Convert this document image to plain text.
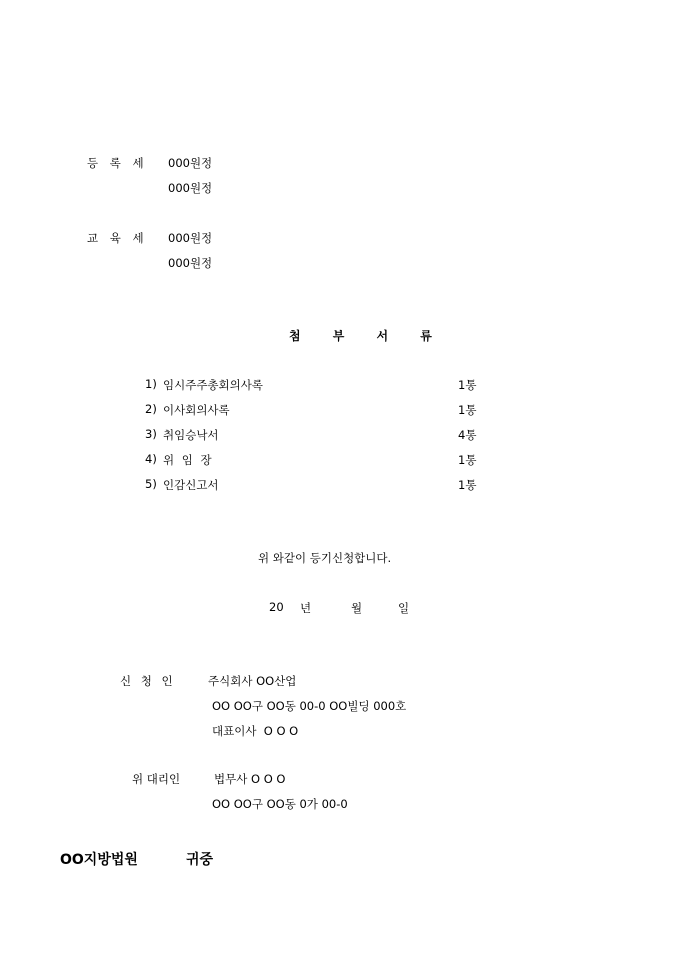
등 록 세 000원정
000원정
교 육 세 000원정
000원정
첨 부 서 류
1) 임시주주총회의사록	1통
2) 이사회의사록	1통
3) 취임승낙서	4통
4) 위 임 장	1통
5) 인감신고서	1통
위 와같이 등기신청합니다.
20 년	월	일
신 청 인	주식회사 OO산업
OO OO구 OO동 00-0 OO빌딩 000호
대표이사  O O O
위 대리인	법무사 O O O
OO OO구 OO동 0가 00-0
OO지방법원	귀중
